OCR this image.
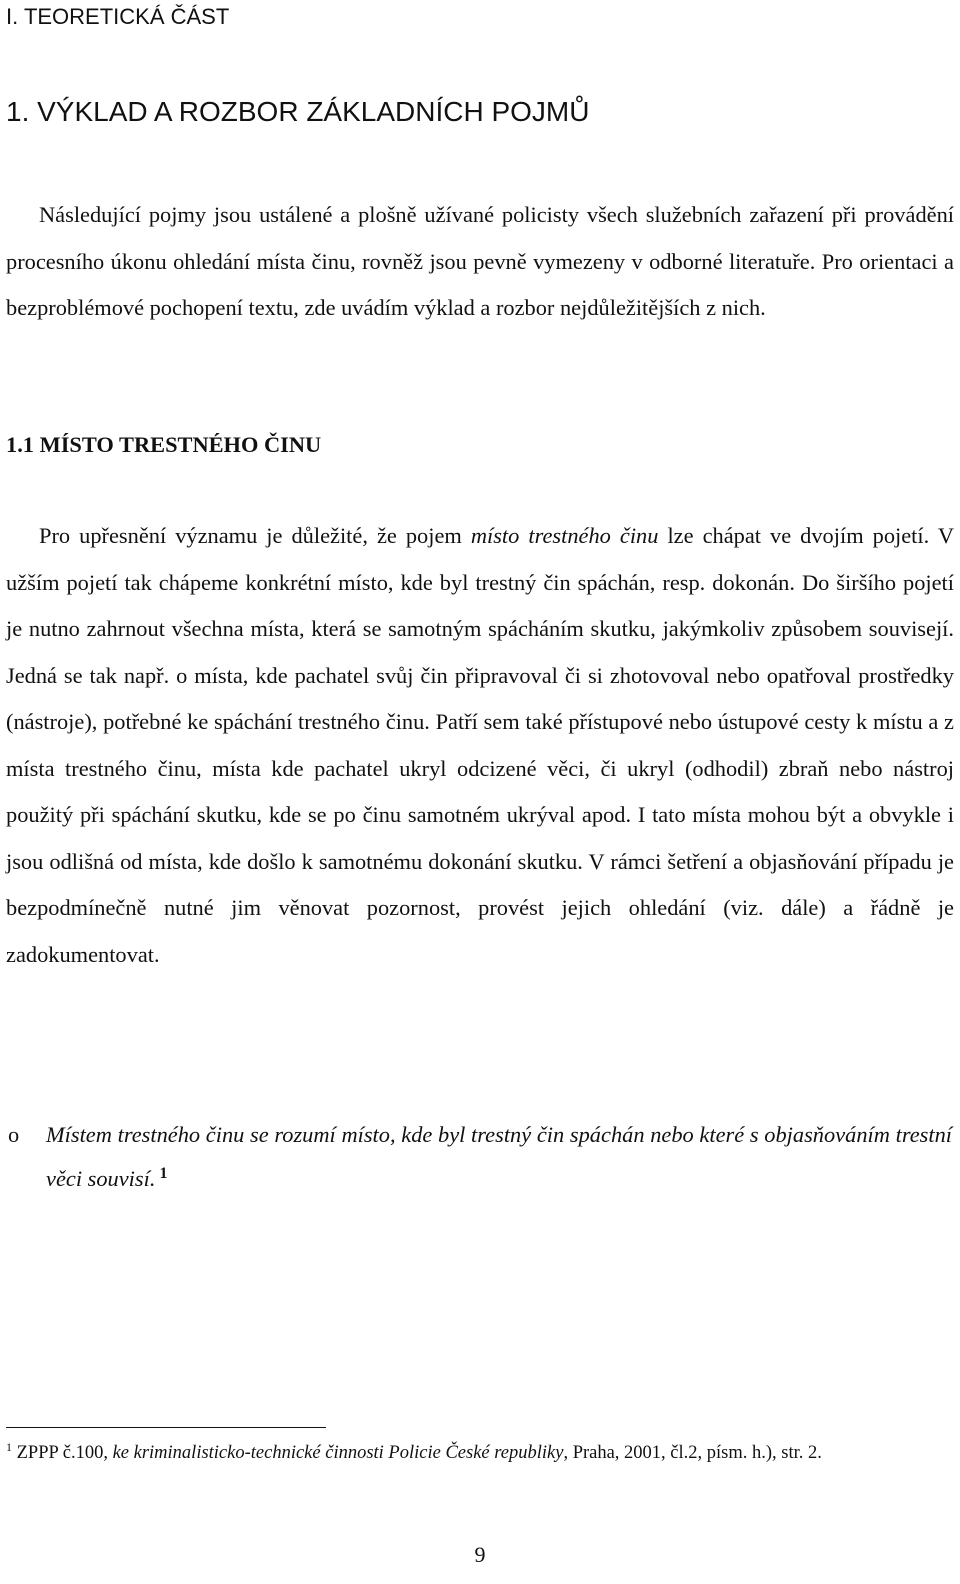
I. TEORETICKÁ ČÁST
1. VÝKLAD A ROZBOR ZÁKLADNÍCH POJMŮ

Následující pojmy jsou ustálené a plošně užívané policisty všech služebních zařazení při provádění procesního úkonu ohledání místa činu, rovněž jsou pevně vymezeny v odborné literatuře. Pro orientaci a bezproblémové pochopení textu, zde uvádím výklad a rozbor nejdůležitějších z nich.

1.1 MÍSTO TRESTNÉHO ČINU

Pro upřesnění významu je důležité, že pojem místo trestného činu lze chápat ve dvojím pojetí. V užším pojetí tak chápeme konkrétní místo, kde byl trestný čin spáchán, resp. dokonán. Do širšího pojetí je nutno zahrnout všechna místa, která se samotným spácháním skutku, jakýmkoliv způsobem souvisejí. Jedná se tak např. o místa, kde pachatel svůj čin připravoval či si zhotovoval nebo opatřoval prostředky (nástroje), potřebné ke spáchání trestného činu. Patří sem také přístupové nebo ústupové cesty k místu a z místa trestného činu, místa kde pachatel ukryl odcizené věci, či ukryl (odhodil) zbraň nebo nástroj použitý při spáchání skutku, kde se po činu samotném ukrýval apod. I tato místa mohou být a obvykle i jsou odlišná od místa, kde došlo k samotnému dokonání skutku. V rámci šetření a objasňování případu je bezpodmínečně nutné jim věnovat pozornost, provést jejich ohledání (viz. dále) a řádně je zadokumentovat.

o Místem trestného činu se rozumí místo, kde byl trestný čin spáchán nebo které s objasňováním trestní věci souvisí. $^1$
$^1$ ZPPP č.100, ke kriminalisticko-technické činnosti Policie České republiky, Praha, 2001, čl.2, písm. h.), str. 2.
9
